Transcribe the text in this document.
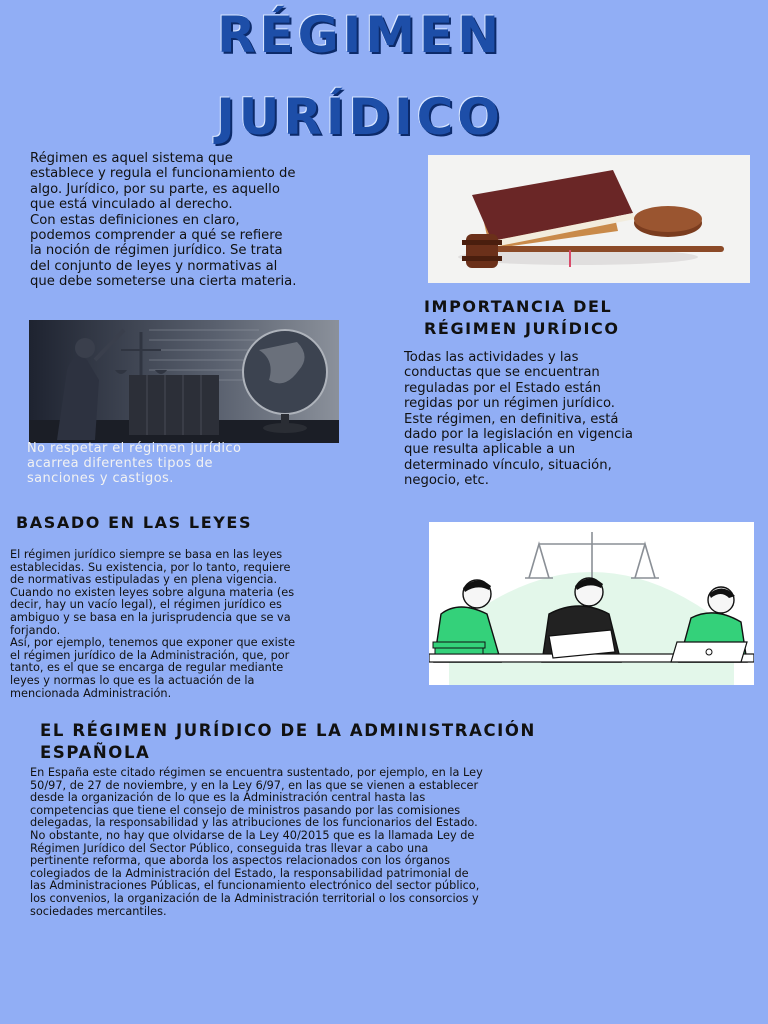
RÉGIMEN
JURÍDICO

Régimen es aquel sistema que
establece y regula el funcionamiento de
algo. Jurídico, por su parte, es aquello
que está vinculado al derecho.
Con estas definiciones en claro,
podemos comprender a qué se refiere
la noción de régimen jurídico. Se trata
del conjunto de leyes y normativas al
que debe someterse una cierta materia.

IMPORTANCIA DEL
RÉGIMEN JURÍDICO

Todas las actividades y las
conductas que se encuentran
reguladas por el Estado están
regidas por un régimen jurídico.
Este régimen, en definitiva, está
dado por la legislación en vigencia
que resulta aplicable a un
determinado vínculo, situación,
negocio, etc.

No respetar el régimen jurídico
acarrea diferentes tipos de
sanciones y castigos.

BASADO EN LAS LEYES

El régimen jurídico siempre se basa en las leyes
establecidas. Su existencia, por lo tanto, requiere
de normativas estipuladas y en plena vigencia.
Cuando no existen leyes sobre alguna materia (es
decir, hay un vacío legal), el régimen jurídico es
ambiguo y se basa en la jurisprudencia que se va
forjando.
Así, por ejemplo, tenemos que exponer que existe
el régimen jurídico de la Administración, que, por
tanto, es el que se encarga de regular mediante
leyes y normas lo que es la actuación de la
mencionada Administración.

EL RÉGIMEN JURÍDICO DE LA ADMINISTRACIÓN
ESPAÑOLA

En España este citado régimen se encuentra sustentado, por ejemplo, en la Ley
50/97, de 27 de noviembre, y en la Ley 6/97, en las que se vienen a establecer
desde la organización de lo que es la Administración central hasta las
competencias que tiene el consejo de ministros pasando por las comisiones
delegadas, la responsabilidad y las atribuciones de los funcionarios del Estado.
No obstante, no hay que olvidarse de la Ley 40/2015 que es la llamada Ley de
Régimen Jurídico del Sector Público, conseguida tras llevar a cabo una
pertinente reforma, que aborda los aspectos relacionados con los órganos
colegiados de la Administración del Estado, la responsabilidad patrimonial de
las Administraciones Públicas, el funcionamiento electrónico del sector público,
los convenios, la organización de la Administración territorial o los consorcios y
sociedades mercantiles.
